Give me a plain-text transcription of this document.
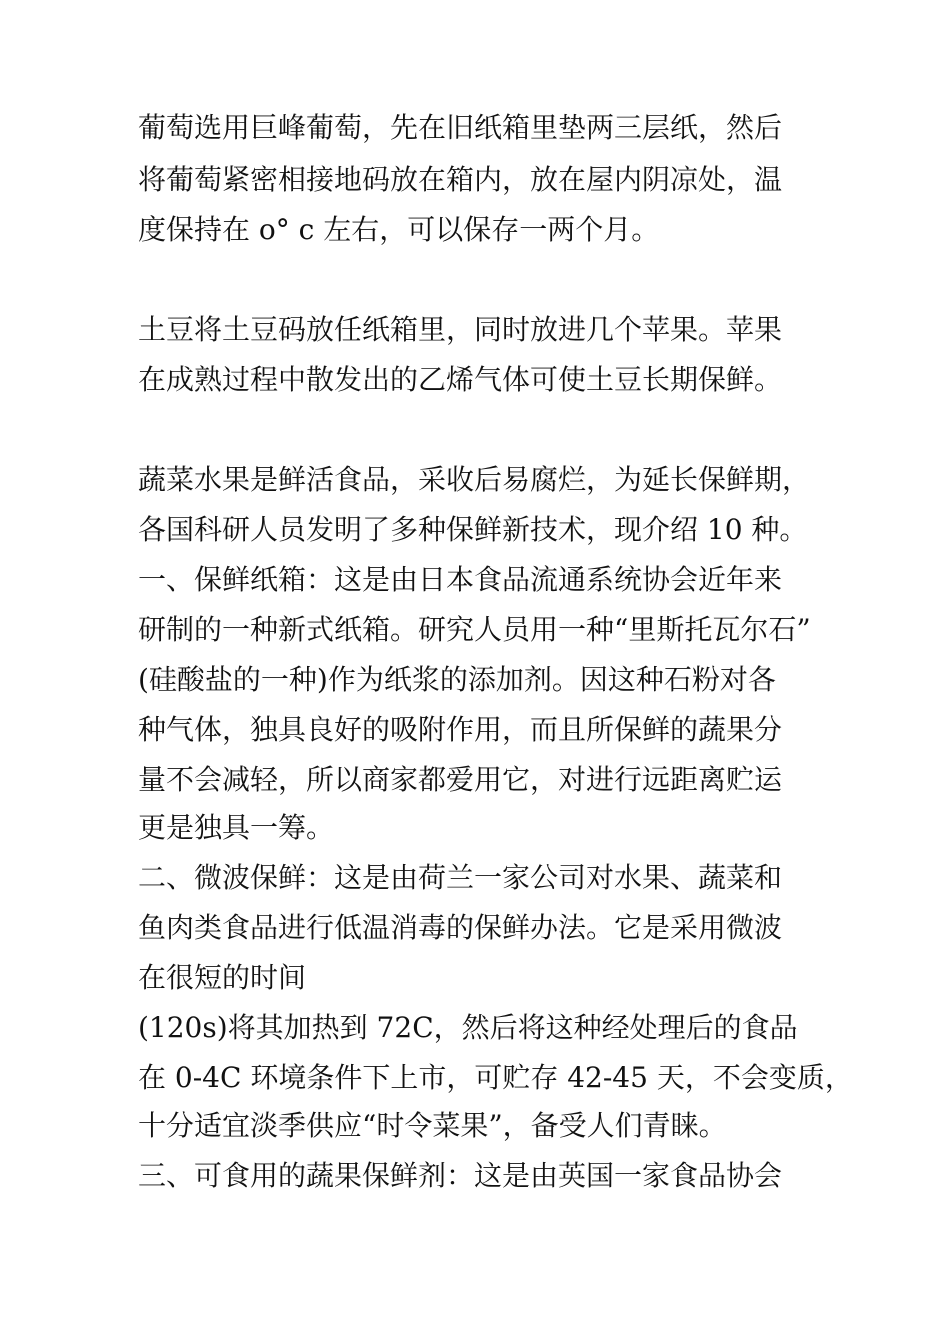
葡萄选用巨峰葡萄，先在旧纸箱里垫两三层纸，然后

将葡萄紧密相接地码放在箱内，放在屋内阴凉处，温

度保持在 o° c 左右，可以保存一两个月。

土豆将土豆码放任纸箱里，同时放进几个苹果。苹果

在成熟过程中散发出的乙烯气体可使土豆长期保鲜。

蔬菜水果是鲜活食品，采收后易腐烂，为延长保鲜期，

各国科研人员发明了多种保鲜新技术，现介绍 10 种。

一、保鲜纸箱：这是由日本食品流通系统协会近年来

研制的一种新式纸箱。研究人员用一种“里斯托瓦尔石”

(硅酸盐的一种)作为纸浆的添加剂。因这种石粉对各

种气体，独具良好的吸附作用，而且所保鲜的蔬果分

量不会减轻，所以商家都爱用它，对进行远距离贮运

更是独具一筹。

二、微波保鲜：这是由荷兰一家公司对水果、蔬菜和

鱼肉类食品进行低温消毒的保鲜办法。它是采用微波

在很短的时间

(120s)将其加热到 72C，然后将这种经处理后的食品

在 0-4C 环境条件下上市，可贮存 42-45 天，不会变质，

十分适宜淡季供应“时令菜果”，备受人们青睐。

三、可食用的蔬果保鲜剂：这是由英国一家食品协会
